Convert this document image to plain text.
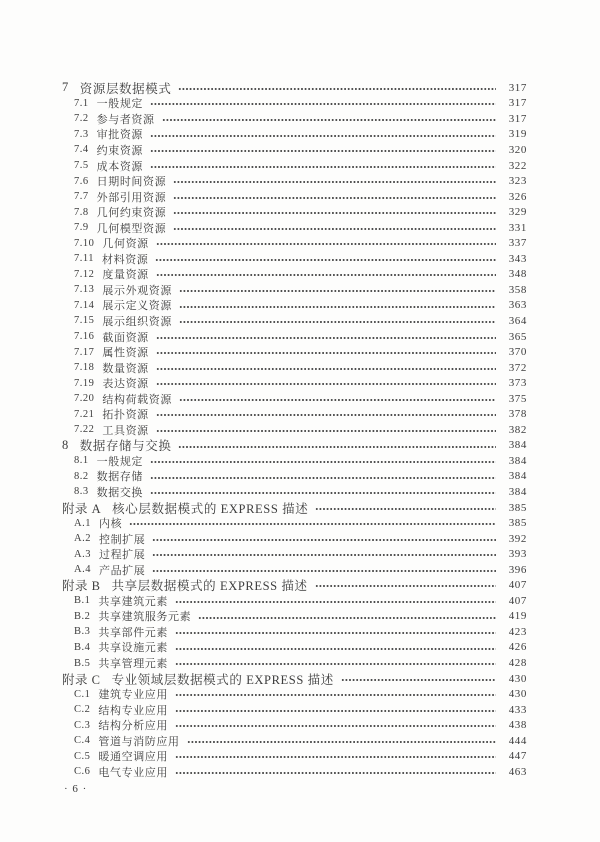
7 资源层数据模式	317
7.1 一般规定	317
7.2 参与者资源	317
7.3 审批资源	319
7.4 约束资源	320
7.5 成本资源	322
7.6 日期时间资源	323
7.7 外部引用资源	326
7.8 几何约束资源	329
7.9 几何模型资源	331
7.10 几何资源	337
7.11 材料资源	343
7.12 度量资源	348
7.13 展示外观资源	358
7.14 展示定义资源	363
7.15 展示组织资源	364
7.16 截面资源	365
7.17 属性资源	370
7.18 数量资源	372
7.19 表达资源	373
7.20 结构荷载资源	375
7.21 拓扑资源	378
7.22 工具资源	382
8 数据存储与交换	384
8.1 一般规定	384
8.2 数据存储	384
8.3 数据交换	384
附录 A 核心层数据模式的 EXPRESS 描述	385
A.1 内核	385
A.2 控制扩展	392
A.3 过程扩展	393
A.4 产品扩展	396
附录 B 共享层数据模式的 EXPRESS 描述	407
B.1 共享建筑元素	407
B.2 共享建筑服务元素	419
B.3 共享部件元素	423
B.4 共享设施元素	426
B.5 共享管理元素	428
附录 C 专业领域层数据模式的 EXPRESS 描述	430
C.1 建筑专业应用	430
C.2 结构专业应用	433
C.3 结构分析应用	438
C.4 管道与消防应用	444
C.5 暖通空调应用	447
C.6 电气专业应用	463
· 6 ·
